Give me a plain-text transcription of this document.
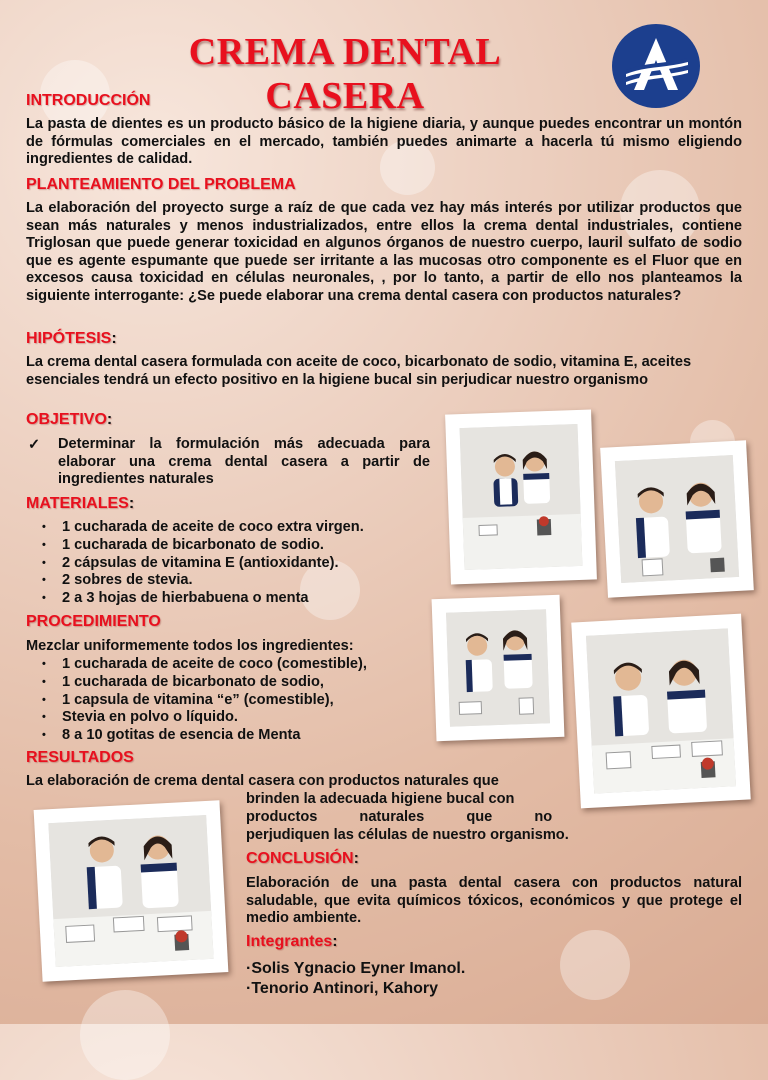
CREMA DENTAL CASERA
INTRODUCCIÓN
La pasta de dientes es un producto básico de la higiene diaria, y aunque puedes encontrar un montón de fórmulas comerciales en el mercado, también puedes animarte a hacerla tú mismo eligiendo ingredientes de calidad.
PLANTEAMIENTO DEL PROBLEMA
La elaboración del proyecto surge a raíz de que cada vez hay más interés por utilizar productos que sean más naturales y menos industrializados, entre ellos la crema dental industriales, contiene Triglosan que puede generar toxicidad en algunos órganos de nuestro cuerpo, lauril sulfato de sodio que es agente espumante que puede ser irritante a las mucosas otro componente es el Fluor que en excesos causa toxicidad en células neuronales, , por lo tanto, a partir de ello nos planteamos la siguiente interrogante: ¿Se puede elaborar una crema dental casera con productos naturales?
HIPÓTESIS:
La crema dental casera formulada con aceite de coco, bicarbonato de sodio, vitamina E, aceites esenciales tendrá un efecto positivo en la higiene bucal sin perjudicar nuestro organismo
OBJETIVO:
✓ Determinar la formulación más adecuada para elaborar una crema dental casera a partir de ingredientes naturales
MATERIALES:
• 1 cucharada de aceite de coco extra virgen.
• 1 cucharada de bicarbonato de sodio.
• 2 cápsulas de vitamina E (antioxidante).
• 2 sobres de stevia.
• 2 a 3 hojas de hierbabuena o menta
PROCEDIMIENTO
Mezclar uniformemente todos los ingredientes:
• 1 cucharada de aceite de coco (comestible),
• 1 cucharada de bicarbonato de sodio,
• 1 capsula de vitamina “e” (comestible),
• Stevia en polvo o líquido.
• 8 a 10 gotitas de esencia de Menta
RESULTADOS
La elaboración de crema dental casera con productos naturales que
brinden la adecuada higiene bucal con
productos naturales que no
perjudiquen las células de nuestro organismo.
CONCLUSIÓN:
Elaboración de una pasta dental casera con productos natural saludable, que evita químicos tóxicos, económicos y que protege el medio ambiente.
Integrantes:
·Solis Ygnacio Eyner Imanol.
·Tenorio Antinori, Kahory
